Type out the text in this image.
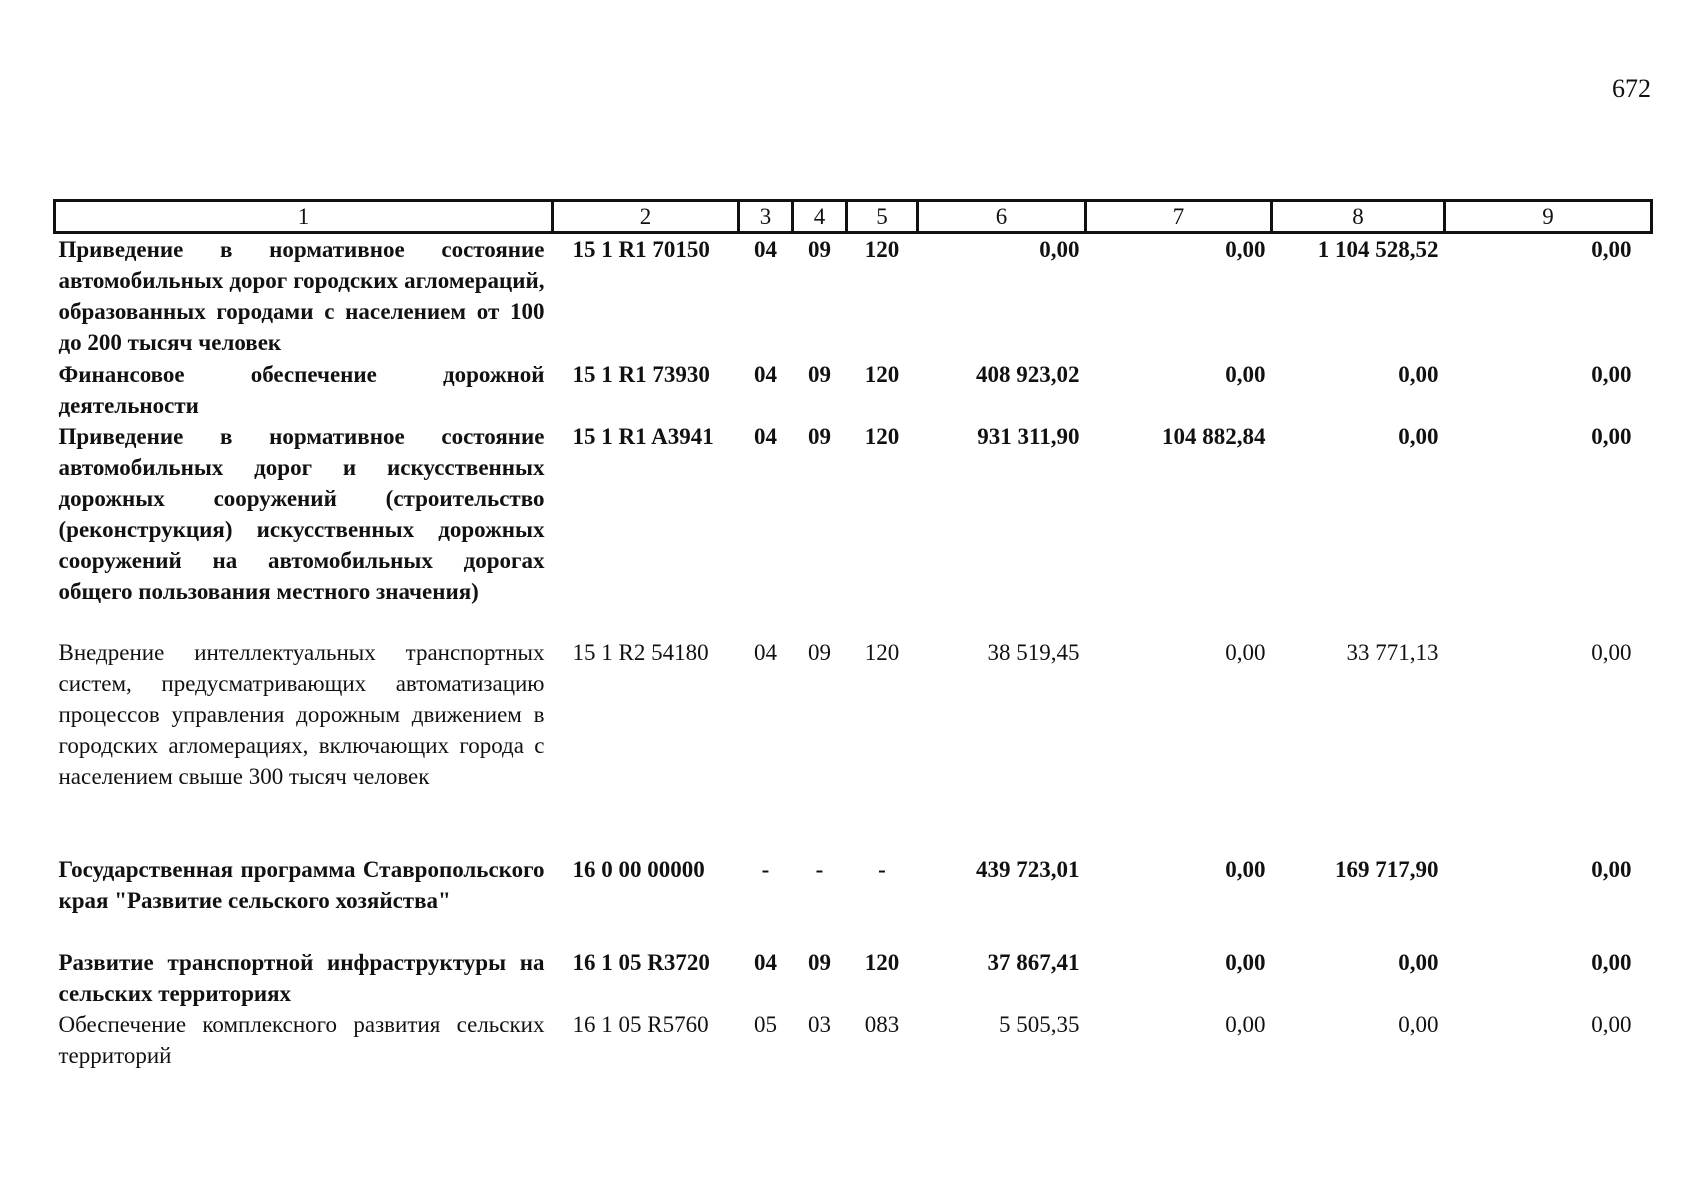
672
1	2	3	4	5	6	7	8	9
Приведение в нормативное состояние автомобильных дорог городских агломераций, образованных городами с населением от 100 до 200 тысяч человек	15 1 R1 70150	04	09	120	0,00	0,00	1 104 528,52	0,00
Финансовое обеспечение дорожной деятельности	15 1 R1 73930	04	09	120	408 923,02	0,00	0,00	0,00
Приведение в нормативное состояние автомобильных дорог и искусственных дорожных сооружений (строительство (реконструкция) искусственных дорожных сооружений на автомобильных дорогах общего пользования местного значения)	15 1 R1 A3941	04	09	120	931 311,90	104 882,84	0,00	0,00
Внедрение интеллектуальных транспортных систем, предусматривающих автоматизацию процессов управления дорожным движением в городских агломерациях, включающих города с населением свыше 300 тысяч человек	15 1 R2 54180	04	09	120	38 519,45	0,00	33 771,13	0,00
Государственная программа Ставропольского края "Развитие сельского хозяйства"	16 0 00 00000	-	-	-	439 723,01	0,00	169 717,90	0,00
Развитие транспортной инфраструктуры на сельских территориях	16 1 05 R3720	04	09	120	37 867,41	0,00	0,00	0,00
Обеспечение комплексного развития сельских территорий	16 1 05 R5760	05	03	083	5 505,35	0,00	0,00	0,00
